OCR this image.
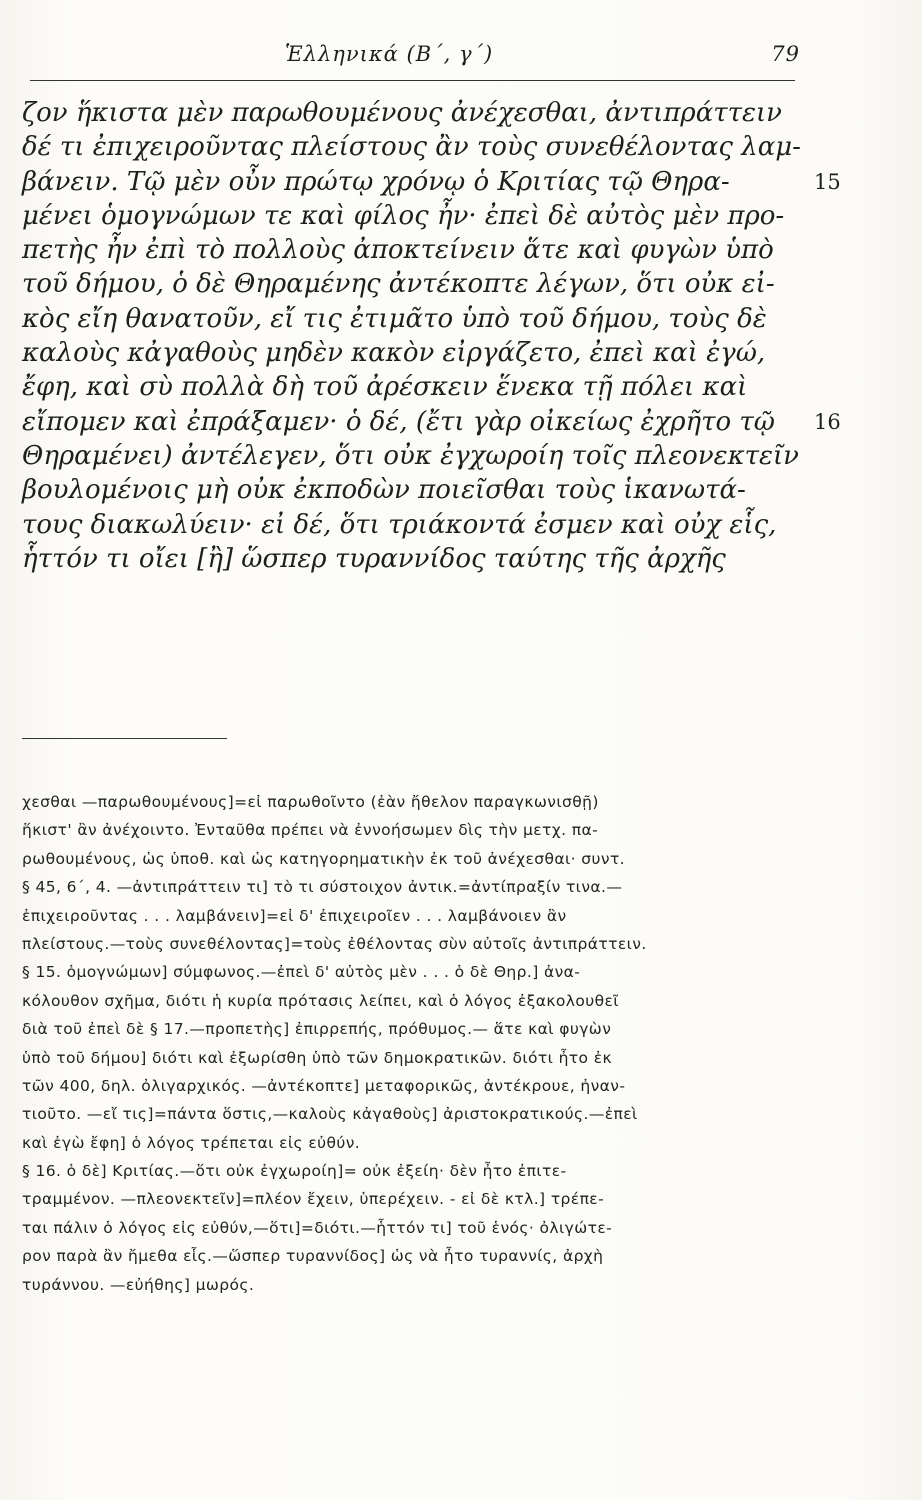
Ἑλληνικά (Β΄, γ΄)	79
ζον ἥκιστα μὲν παρωθουμένους ἀνέχεσθαι, ἀντιπράττειν
δέ τι ἐπιχειροῦντας πλείστους ἂν τοὺς συνεθέλοντας λαμ-
βάνειν. Τῷ μὲν οὖν πρώτῳ χρόνῳ ὁ Κριτίας τῷ Θηρα-	15
μένει ὁμογνώμων τε καὶ φίλος ἦν· ἐπεὶ δὲ αὐτὸς μὲν προ-
πετὴς ἦν ἐπὶ τὸ πολλοὺς ἀποκτείνειν ἅτε καὶ φυγὼν ὑπὸ
τοῦ δήμου, ὁ δὲ Θηραμένης ἀντέκοπτε λέγων, ὅτι οὐκ εἰ-
κὸς εἴη θανατοῦν, εἴ τις ἐτιμᾶτο ὑπὸ τοῦ δήμου, τοὺς δὲ
καλοὺς κἀγαθοὺς μηδὲν κακὸν εἰργάζετο, ἐπεὶ καὶ ἐγώ,
ἔφη, καὶ σὺ πολλὰ δὴ τοῦ ἀρέσκειν ἕνεκα τῇ πόλει καὶ
εἴπομεν καὶ ἐπράξαμεν· ὁ δέ, (ἔτι γὰρ οἰκείως ἐχρῆτο τῷ 16
Θηραμένει) ἀντέλεγεν, ὅτι οὐκ ἐγχωροίη τοῖς πλεονεκτεῖν
βουλομένοις μὴ οὐκ ἐκποδὼν ποιεῖσθαι τοὺς ἱκανωτά-
τους διακωλύειν· εἰ δέ, ὅτι τριάκοντά ἐσμεν καὶ οὐχ εἷς,
ἧττόν τι οἴει [ἢ] ὥσπερ τυραννίδος ταύτης τῆς ἀρχῆς
χεσθαι —παρωθουμένους]=εἰ παρωθοῖντο (ἐὰν ἤθελον παραγκωνισθῇ)
ἥκιστ' ἂν ἀνέχοιντο. Ἐνταῦθα πρέπει νὰ ἐννοήσωμεν δὶς τὴν μετχ. πα-
ρωθουμένους, ὡς ὑποθ. καὶ ὡς κατηγορηματικὴν ἐκ τοῦ ἀνέχεσθαι· συντ.
§ 45, 6΄, 4. —ἀντιπράττειν τι] τὸ τι σύστοιχον ἀντικ.=ἀντίπραξίν τινα.—
ἐπιχειροῦντας . . . λαμβάνειν]=εἰ δ' ἐπιχειροῖεν . . . λαμβάνοιεν ἂν
πλείστους.—τοὺς συνεθέλοντας]=τοὺς ἐθέλοντας σὺν αὐτοῖς ἀντιπράττειν.
§ 15. ὁμογνώμων] σύμφωνος.—ἐπεὶ δ' αὐτὸς μὲν . . . ὁ δὲ Θηρ.] ἀνα-
κόλουθον σχῆμα, διότι ἡ κυρία πρότασις λείπει, καὶ ὁ λόγος ἐξακολουθεῖ
διὰ τοῦ ἐπεὶ δὲ § 17.—προπετὴς] ἐπιρρεπής, πρόθυμος.— ἅτε καὶ φυγὼν
ὑπὸ τοῦ δήμου] διότι καὶ ἐξωρίσθη ὑπὸ τῶν δημοκρατικῶν. διότι ἦτο ἐκ
τῶν 400, δηλ. ὀλιγαρχικός. —ἀντέκοπτε] μεταφορικῶς, ἀντέκρουε, ἠναν-
τιοῦτο. —εἴ τις]=πάντα ὅστις,—καλοὺς κἀγαθοὺς] ἀριστοκρατικούς.—ἐπεὶ
καὶ ἐγὼ ἔφη] ὁ λόγος τρέπεται εἰς εὐθύν.
§ 16. ὁ δὲ] Κριτίας.—ὅτι οὐκ ἐγχωροίη]= οὐκ ἐξείη· δὲν ἦτο ἐπιτε-
τραμμένον. —πλεονεκτεῖν]=πλέον ἔχειν, ὑπερέχειν. - εἰ δὲ κτλ.] τρέπε-
ται πάλιν ὁ λόγος εἰς εὐθύν,—ὅτι]=διότι.—ἧττόν τι] τοῦ ἑνός· ὀλιγώτε-
ρον παρὰ ἂν ἤμεθα εἷς.—ὥσπερ τυραννίδος] ὡς νὰ ἦτο τυραννίς, ἀρχὴ
τυράννου. —εὐήθης] μωρός.
